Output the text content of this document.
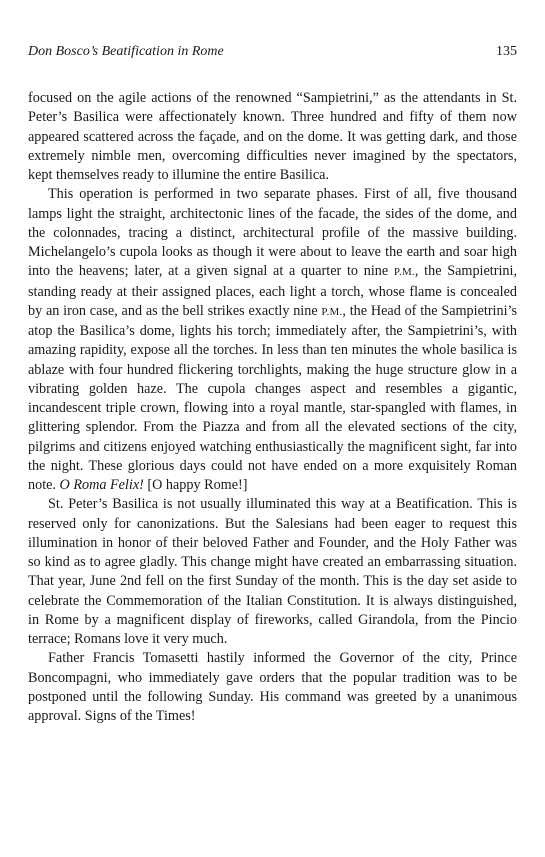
Don Bosco’s Beatification in Rome	135

focused on the agile actions of the renowned “Sampietrini,” as the attendants in St. Peter’s Basilica were affectionately known. Three hundred and fifty of them now appeared scattered across the façade, and on the dome. It was getting dark, and those extremely nimble men, overcoming difficulties never imagined by the spectators, kept themselves ready to illumine the entire Basilica.

This operation is performed in two separate phases. First of all, five thousand lamps light the straight, architectonic lines of the facade, the sides of the dome, and the colonnades, tracing a distinct, architectural profile of the massive building. Michelangelo’s cupola looks as though it were about to leave the earth and soar high into the heavens; later, at a given signal at a quarter to nine P.M., the Sampietrini, standing ready at their assigned places, each light a torch, whose flame is concealed by an iron case, and as the bell strikes exactly nine P.M., the Head of the Sampietrini’s atop the Basilica’s dome, lights his torch; immediately after, the Sampietrini’s, with amazing rapidity, expose all the torches. In less than ten minutes the whole basilica is ablaze with four hundred flickering torchlights, making the huge structure glow in a vibrating golden haze. The cupola changes aspect and resembles a gigantic, incandescent triple crown, flowing into a royal mantle, star-spangled with flames, in glittering splendor. From the Piazza and from all the elevated sections of the city, pilgrims and citizens enjoyed watching enthusiastically the magnificent sight, far into the night. These glorious days could not have ended on a more exquisitely Roman note. O Roma Felix! [O happy Rome!]

St. Peter’s Basilica is not usually illuminated this way at a Beatification. This is reserved only for canonizations. But the Salesians had been eager to request this illumination in honor of their beloved Father and Founder, and the Holy Father was so kind as to agree gladly. This change might have created an embarrassing situation. That year, June 2nd fell on the first Sunday of the month. This is the day set aside to celebrate the Commemoration of the Italian Constitution. It is always distinguished, in Rome by a magnificent display of fireworks, called Girandola, from the Pincio terrace; Romans love it very much.

Father Francis Tomasetti hastily informed the Governor of the city, Prince Boncompagni, who immediately gave orders that the popular tradition was to be postponed until the following Sunday. His command was greeted by a unanimous approval. Signs of the Times!
